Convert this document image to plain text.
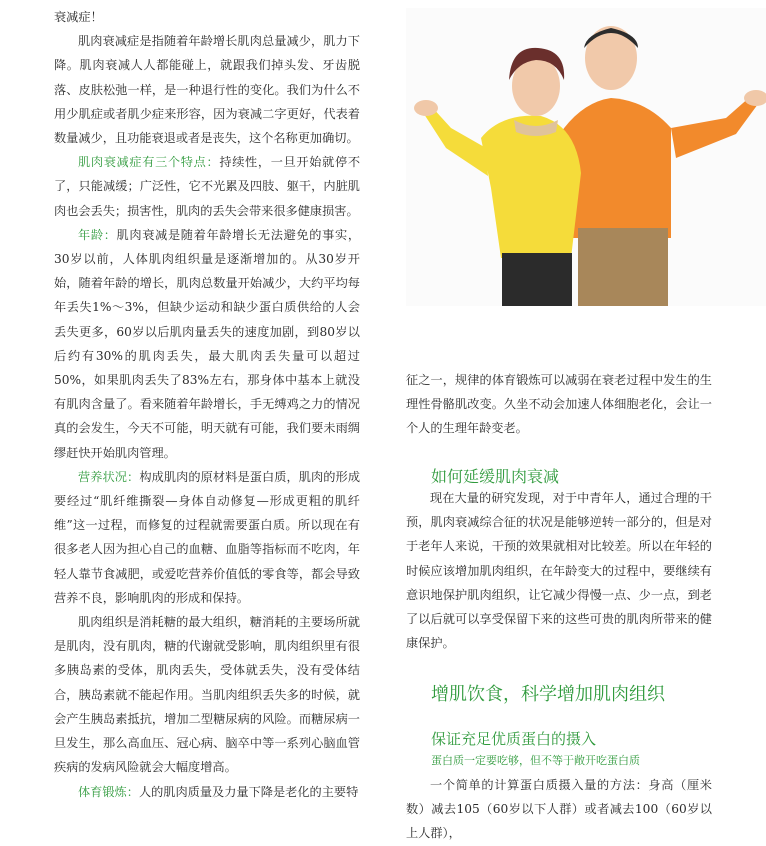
衰减症！

肌肉衰减症是指随着年龄增长肌肉总量减少，肌力下降。肌肉衰减人人都能碰上，就跟我们掉头发、牙齿脱落、皮肤松弛一样，是一种退行性的变化。我们为什么不用少肌症或者肌少症来形容，因为衰减二字更好，代表着数量减少，且功能衰退或者是丧失，这个名称更加确切。

肌肉衰减症有三个特点：持续性，一旦开始就停不了，只能减缓；广泛性，它不光累及四肢、躯干，内脏肌肉也会丢失；损害性，肌肉的丢失会带来很多健康损害。

年龄：肌肉衰减是随着年龄增长无法避免的事实，30岁以前，人体肌肉组织量是逐渐增加的。从30岁开始，随着年龄的增长，肌肉总数量开始减少，大约平均每年丢失1%～3%，但缺少运动和缺少蛋白质供给的人会丢失更多，60岁以后肌肉量丢失的速度加剧，到80岁以后约有30%的肌肉丢失，最大肌肉丢失量可以超过50%，如果肌肉丢失了83%左右，那身体中基本上就没有肌肉含量了。看来随着年龄增长，手无缚鸡之力的情况真的会发生，今天不可能，明天就有可能，我们要未雨绸缪赶快开始肌肉管理。

营养状况：构成肌肉的原材料是蛋白质，肌肉的形成要经过“肌纤维撕裂—身体自动修复—形成更粗的肌纤维”这一过程，而修复的过程就需要蛋白质。所以现在有很多老人因为担心自己的血糖、血脂等指标而不吃肉，年轻人靠节食减肥，或爱吃营养价值低的零食等，都会导致营养不良，影响肌肉的形成和保持。

肌肉组织是消耗糖的最大组织，糖消耗的主要场所就是肌肉，没有肌肉，糖的代谢就受影响，肌肉组织里有很多胰岛素的受体，肌肉丢失，受体就丢失，没有受体结合，胰岛素就不能起作用。当肌肉组织丢失多的时候，就会产生胰岛素抵抗，增加二型糖尿病的风险。而糖尿病一旦发生，那么高血压、冠心病、脑卒中等一系列心脑血管疾病的发病风险就会大幅度增高。

体育锻炼：人的肌肉质量及力量下降是老化的主要特

征之一，规律的体育锻炼可以减弱在衰老过程中发生的生理性骨骼肌改变。久坐不动会加速人体细胞老化，会让一个人的生理年龄变老。

如何延缓肌肉衰减

现在大量的研究发现，对于中青年人，通过合理的干预，肌肉衰减综合征的状况是能够逆转一部分的，但是对于老年人来说，干预的效果就相对比较差。所以在年轻的时候应该增加肌肉组织，在年龄变大的过程中，要继续有意识地保护肌肉组织，让它减少得慢一点、少一点，到老了以后就可以享受保留下来的这些可贵的肌肉所带来的健康保护。

增肌饮食，科学增加肌肉组织
保证充足优质蛋白的摄入
蛋白质一定要吃够，但不等于敞开吃蛋白质

一个简单的计算蛋白质摄入量的方法：身高（厘米数）减去105（60岁以下人群）或者减去100（60岁以上人群），
